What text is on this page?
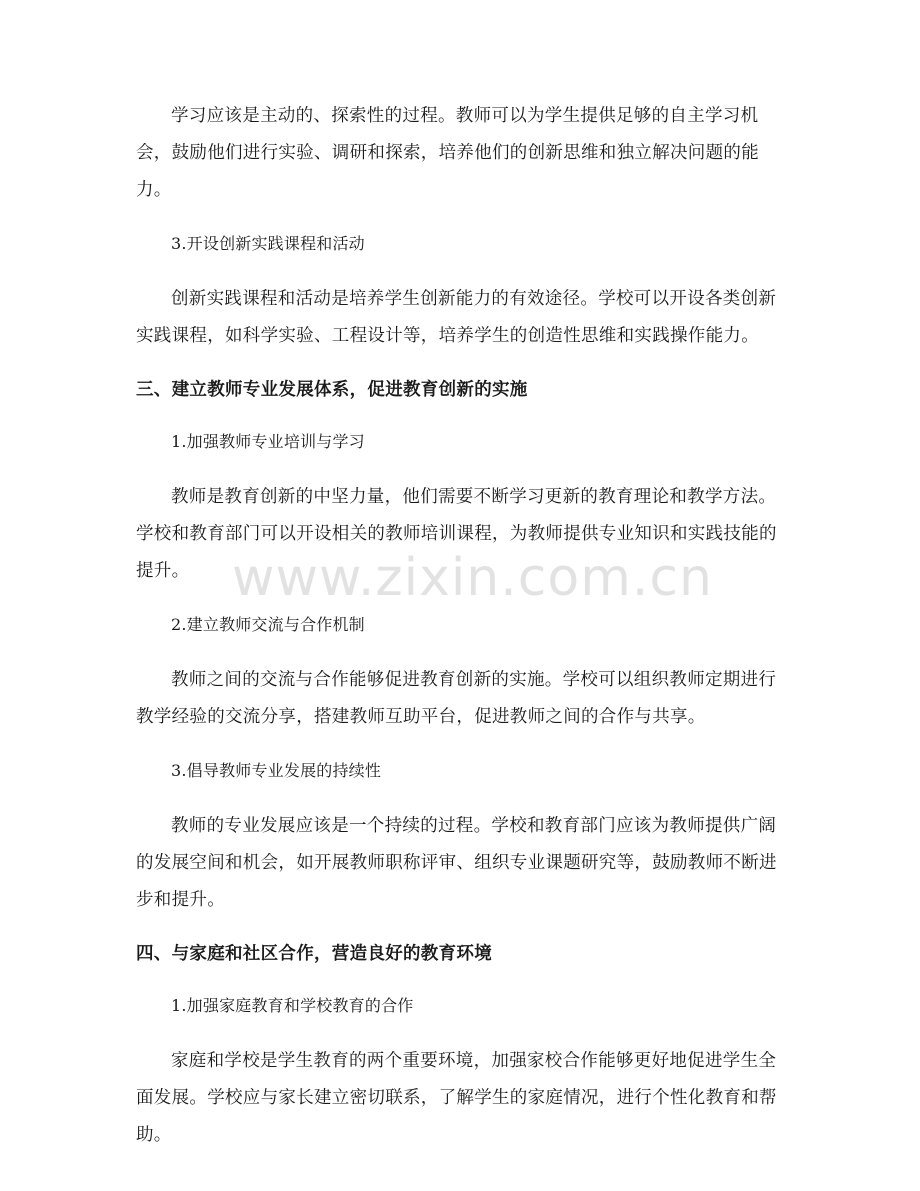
学习应该是主动的、探索性的过程。教师可以为学生提供足够的自主学习机会，鼓励他们进行实验、调研和探索，培养他们的创新思维和独立解决问题的能力。

3.开设创新实践课程和活动

创新实践课程和活动是培养学生创新能力的有效途径。学校可以开设各类创新实践课程，如科学实验、工程设计等，培养学生的创造性思维和实践操作能力。

三、建立教师专业发展体系，促进教育创新的实施

1.加强教师专业培训与学习

教师是教育创新的中坚力量，他们需要不断学习更新的教育理论和教学方法。学校和教育部门可以开设相关的教师培训课程，为教师提供专业知识和实践技能的提升。

2.建立教师交流与合作机制

教师之间的交流与合作能够促进教育创新的实施。学校可以组织教师定期进行教学经验的交流分享，搭建教师互助平台，促进教师之间的合作与共享。

3.倡导教师专业发展的持续性

教师的专业发展应该是一个持续的过程。学校和教育部门应该为教师提供广阔的发展空间和机会，如开展教师职称评审、组织专业课题研究等，鼓励教师不断进步和提升。

四、与家庭和社区合作，营造良好的教育环境

1.加强家庭教育和学校教育的合作

家庭和学校是学生教育的两个重要环境，加强家校合作能够更好地促进学生全面发展。学校应与家长建立密切联系，了解学生的家庭情况，进行个性化教育和帮助。

www.zixin.com.cn
